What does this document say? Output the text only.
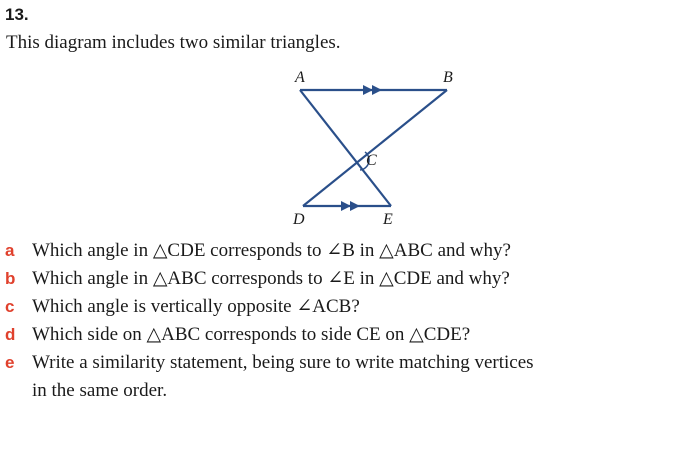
13.
This diagram includes two similar triangles.
A	B
C
D	E
a Which angle in △CDE corresponds to ∠B in △ABC and why?
b Which angle in △ABC corresponds to ∠E in △CDE and why?
c Which angle is vertically opposite ∠ACB?
d Which side on △ABC corresponds to side CE on △CDE?
e Write a similarity statement, being sure to write matching vertices
in the same order.
